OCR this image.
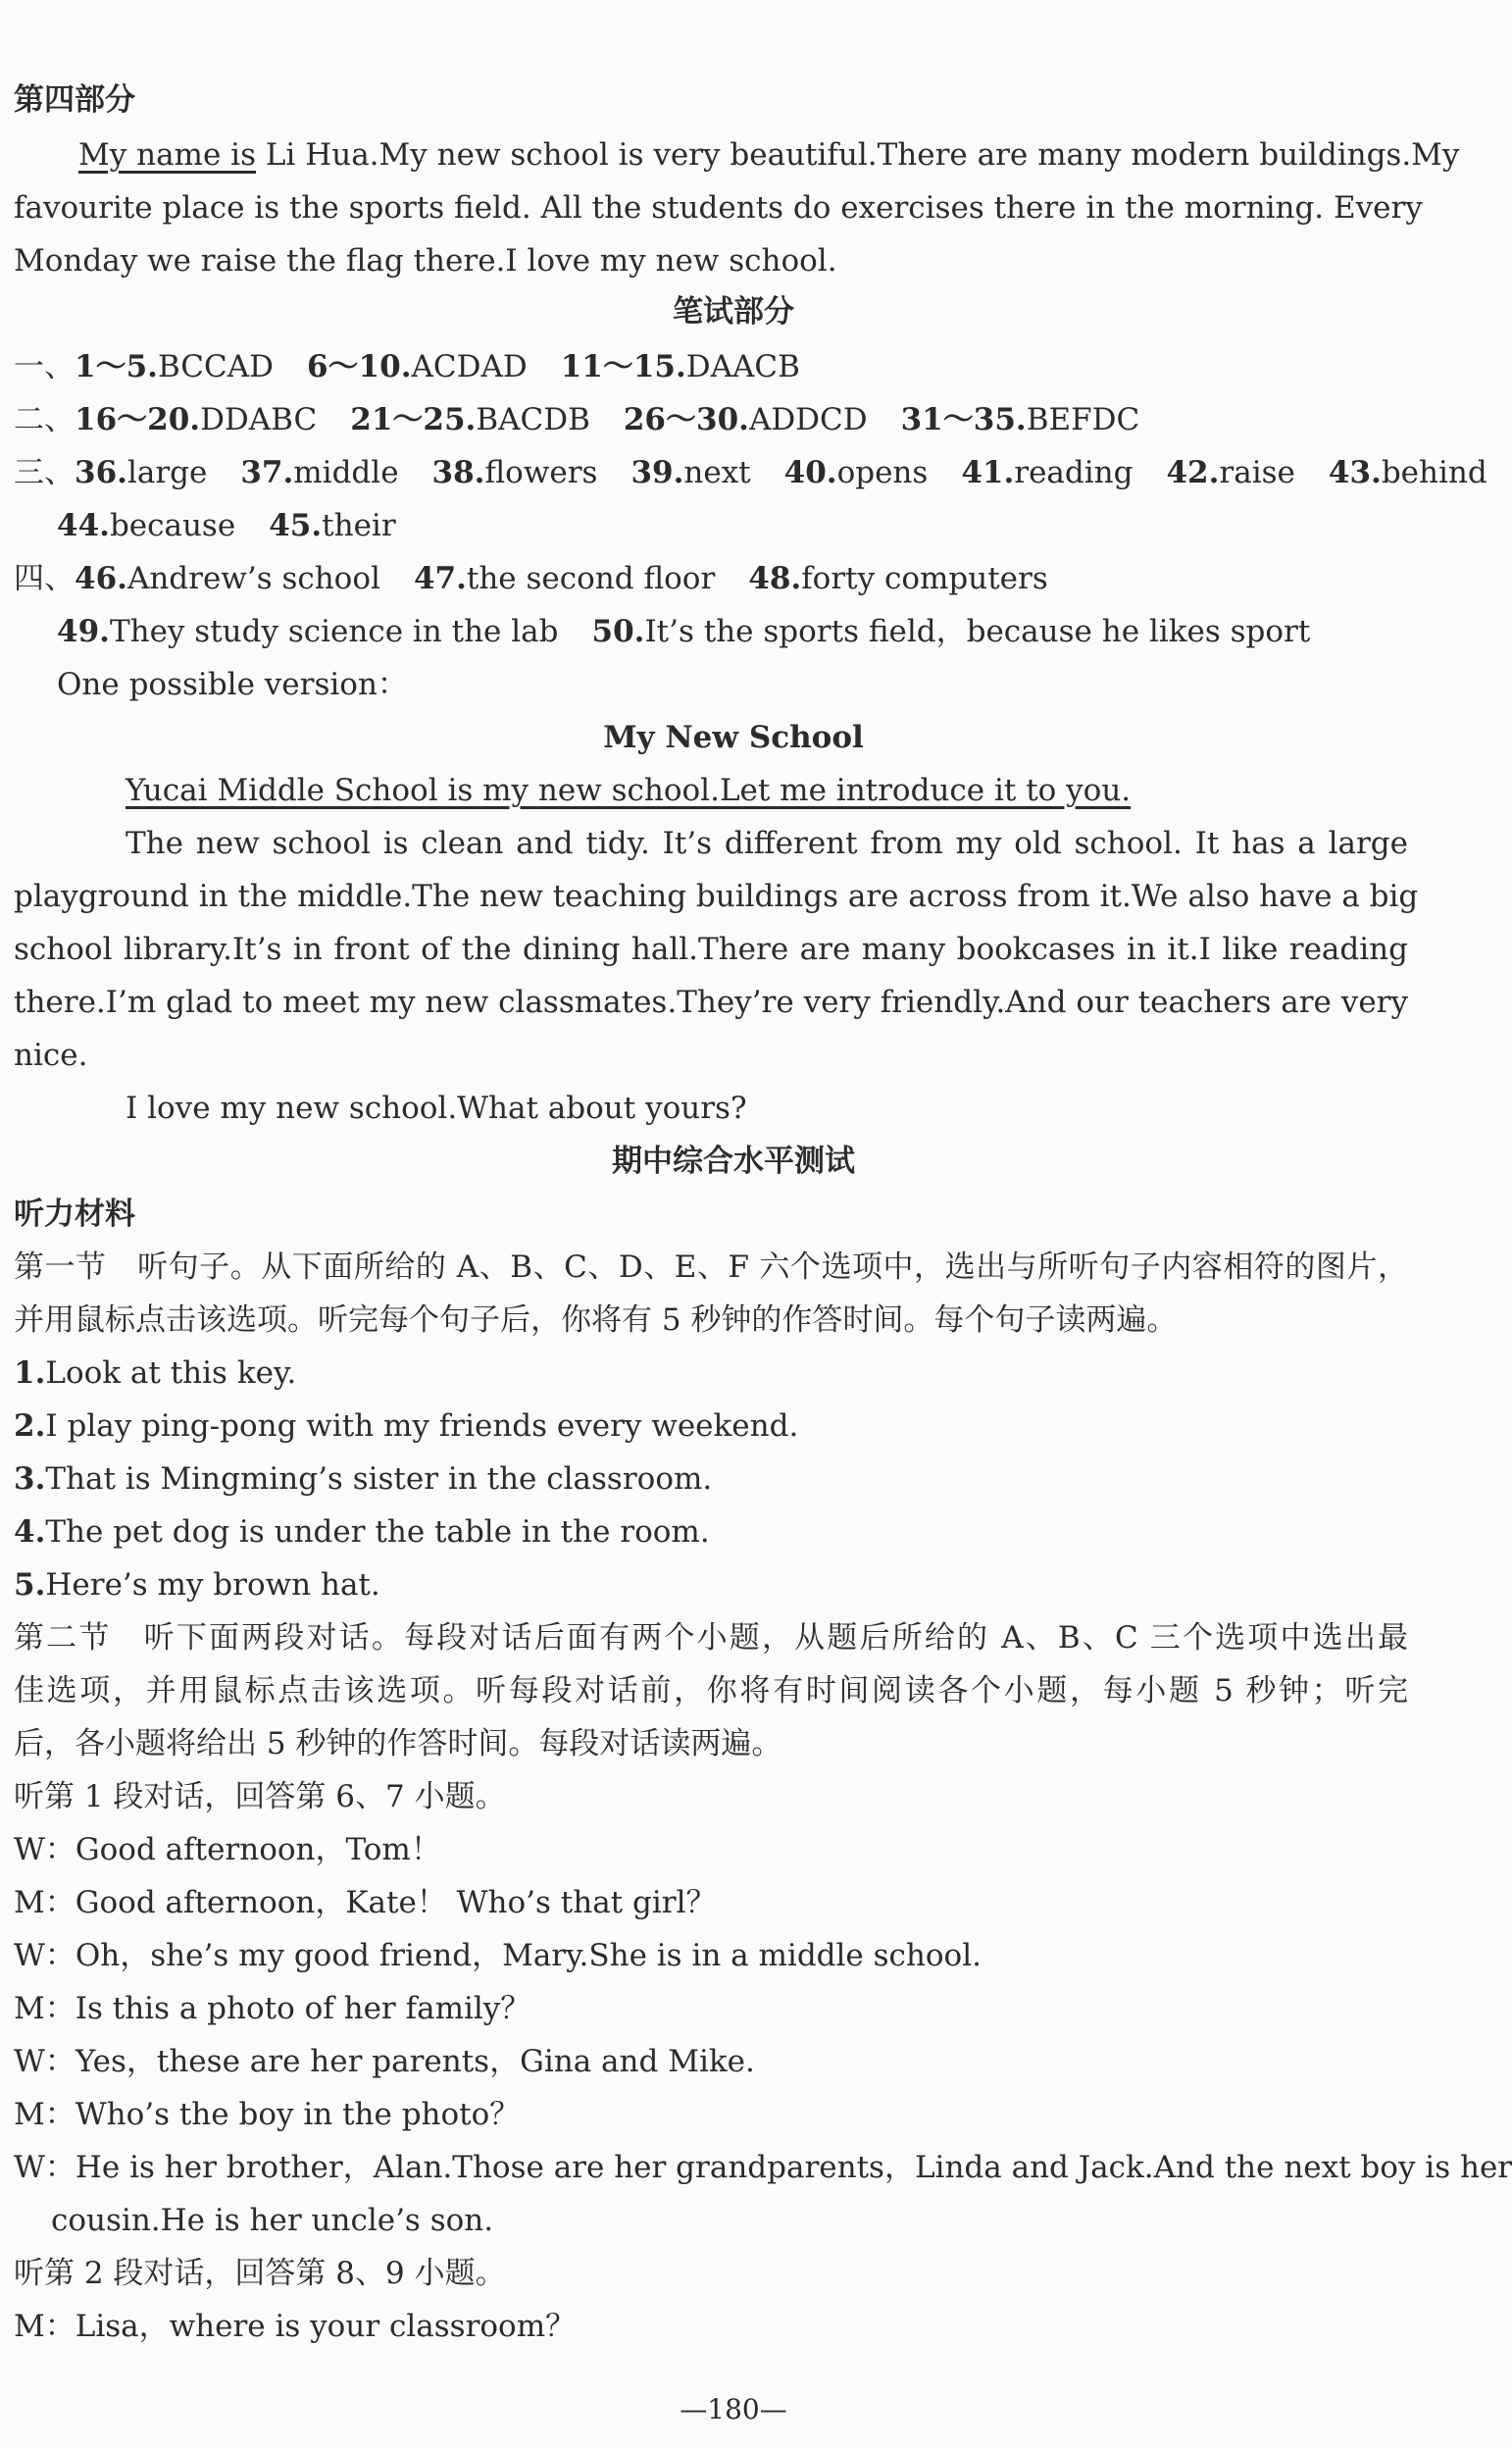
第四部分
My name is Li Hua.My new school is very beautiful.There are many modern buildings.My
favourite place is the sports field. All the students do exercises there in the morning. Every
Monday we raise the flag there.I love my new school.
笔试部分
一、1～5.BCCAD 6～10.ACDAD 11～15.DAACB
二、16～20.DDABC 21～25.BACDB 26～30.ADDCD 31～35.BEFDC
三、36.large 37.middle 38.flowers 39.next 40.opens 41.reading 42.raise 43.behind
44.because 45.their
四、46.Andrew’s school 47.the second floor 48.forty computers
49.They study science in the lab 50.It’s the sports field，because he likes sport
One possible version：
My New School
Yucai Middle School is my new school.Let me introduce it to you.
The new school is clean and tidy. It’s different from my old school. It has a large
playground in the middle.The new teaching buildings are across from it.We also have a big
school library.It’s in front of the dining hall.There are many bookcases in it.I like reading
there.I’m glad to meet my new classmates.They’re very friendly.And our teachers are very
nice.
I love my new school.What about yours?
期中综合水平测试
听力材料
第一节　听句子。从下面所给的 A、B、C、D、E、F 六个选项中，选出与所听句子内容相符的图片，
并用鼠标点击该选项。听完每个句子后，你将有 5 秒钟的作答时间。每个句子读两遍。
1.Look at this key.
2.I play ping-pong with my friends every weekend.
3.That is Mingming’s sister in the classroom.
4.The pet dog is under the table in the room.
5.Here’s my brown hat.
第二节　听下面两段对话。每段对话后面有两个小题，从题后所给的 A、B、C 三个选项中选出最
佳选项，并用鼠标点击该选项。听每段对话前，你将有时间阅读各个小题，每小题 5 秒钟；听完
后，各小题将给出 5 秒钟的作答时间。每段对话读两遍。
听第 1 段对话，回答第 6、7 小题。
W：Good afternoon，Tom！
M：Good afternoon，Kate！ Who’s that girl？
W：Oh，she’s my good friend，Mary.She is in a middle school.
M：Is this a photo of her family？
W：Yes，these are her parents，Gina and Mike.
M：Who’s the boy in the photo？
W：He is her brother，Alan.Those are her grandparents，Linda and Jack.And the next boy is her
cousin.He is her uncle’s son.
听第 2 段对话，回答第 8、9 小题。
M：Lisa，where is your classroom？
—180—
